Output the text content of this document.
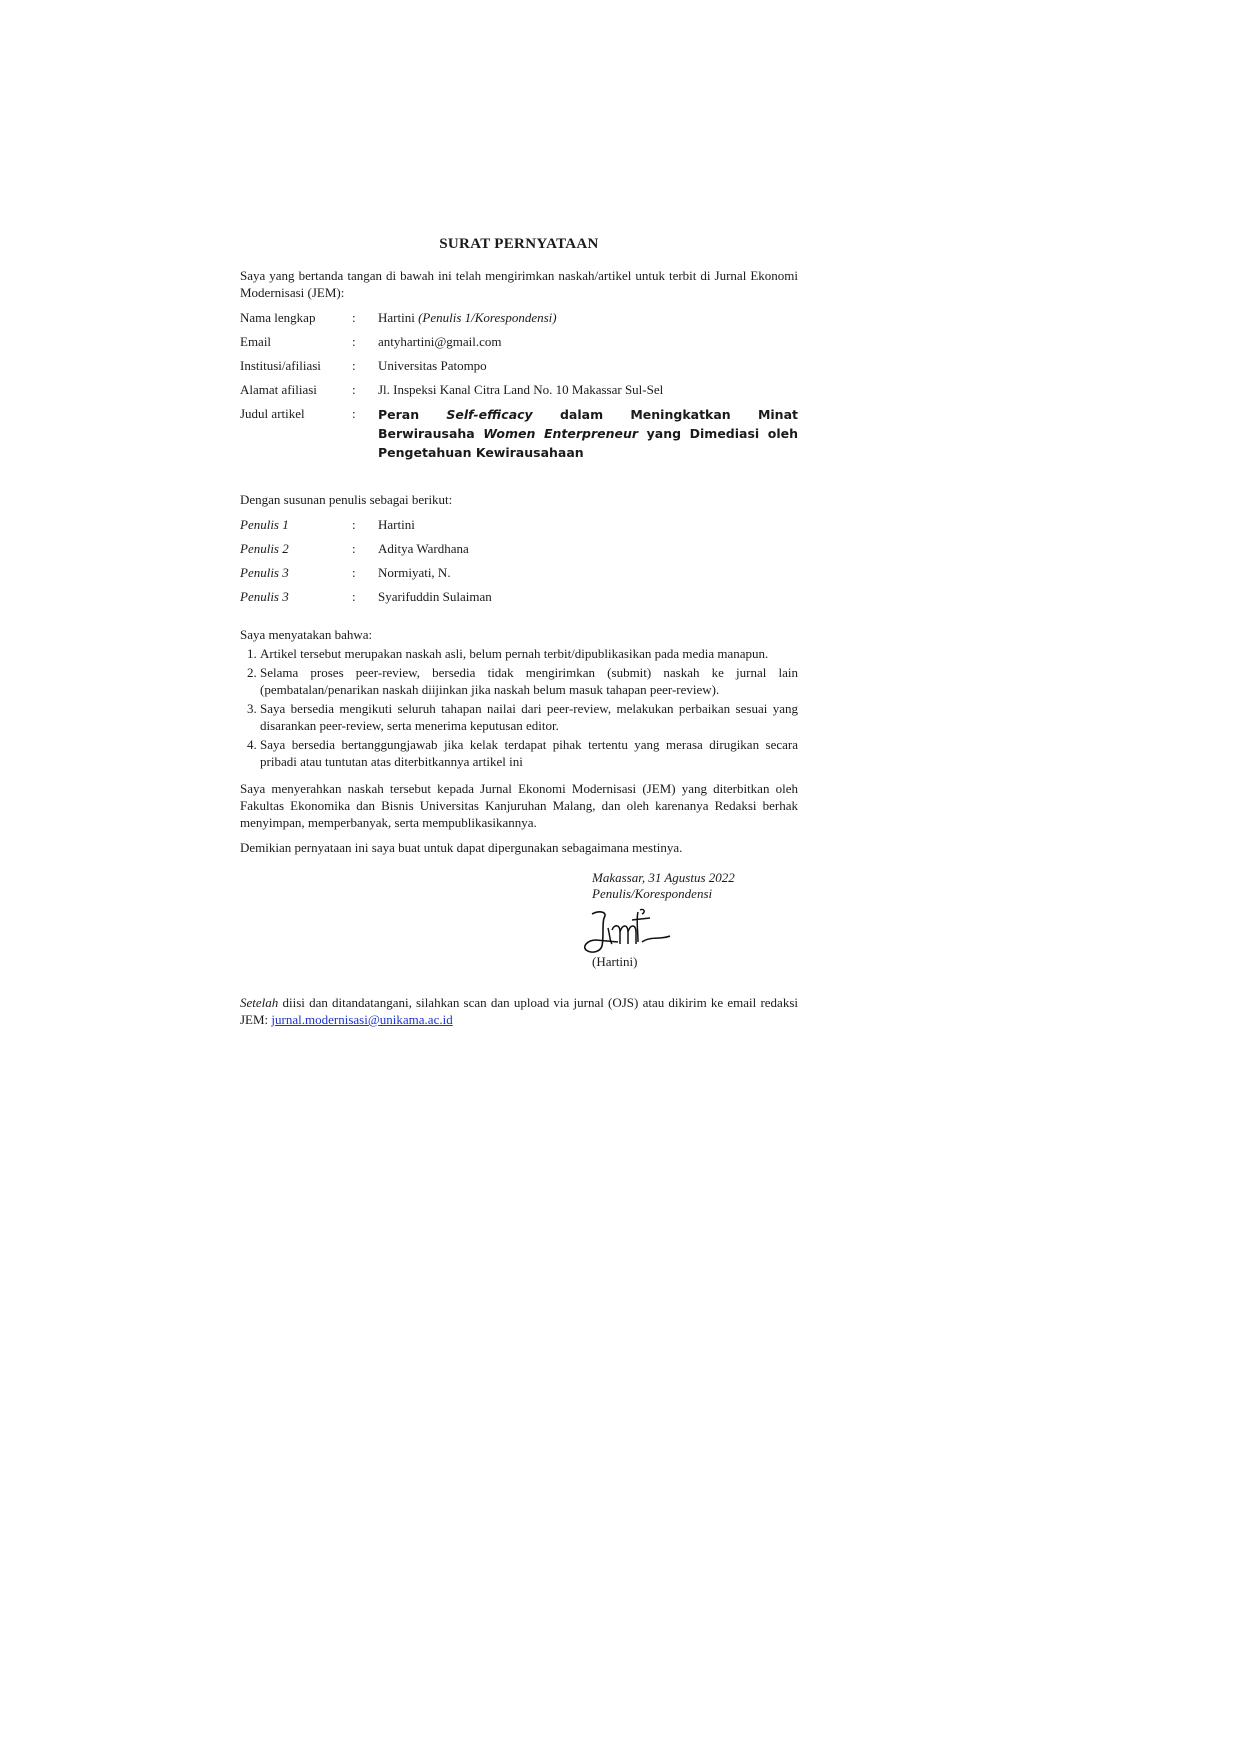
SURAT PERNYATAAN

Saya yang bertanda tangan di bawah ini telah mengirimkan naskah/artikel untuk terbit di Jurnal Ekonomi Modernisasi (JEM):

Nama lengkap	:	Hartini (Penulis 1/Korespondensi)
Email	:	antyhartini@gmail.com
Institusi/afiliasi	:	Universitas Patompo
Alamat afiliasi	:	Jl. Inspeksi Kanal Citra Land No. 10 Makassar Sul-Sel
Judul artikel	:	Peran Self-efficacy dalam Meningkatkan Minat Berwirausaha Women Enterpreneur yang Dimediasi oleh Pengetahuan Kewirausahaan

Dengan susunan penulis sebagai berikut:

Penulis 1	:	Hartini
Penulis 2	:	Aditya Wardhana
Penulis 3	:	Normiyati, N.
Penulis 3	:	Syarifuddin Sulaiman

Saya menyatakan bahwa:

1. Artikel tersebut merupakan naskah asli, belum pernah terbit/dipublikasikan pada media manapun.
2. Selama proses peer-review, bersedia tidak mengirimkan (submit) naskah ke jurnal lain (pembatalan/penarikan naskah diijinkan jika naskah belum masuk tahapan peer-review).
3. Saya bersedia mengikuti seluruh tahapan nailai dari peer-review, melakukan perbaikan sesuai yang disarankan peer-review, serta menerima keputusan editor.
4. Saya bersedia bertanggungjawab jika kelak terdapat pihak tertentu yang merasa dirugikan secara pribadi atau tuntutan atas diterbitkannya artikel ini

Saya menyerahkan naskah tersebut kepada Jurnal Ekonomi Modernisasi (JEM) yang diterbitkan oleh Fakultas Ekonomika dan Bisnis Universitas Kanjuruhan Malang, dan oleh karenanya Redaksi berhak menyimpan, memperbanyak, serta mempublikasikannya.

Demikian pernyataan ini saya buat untuk dapat dipergunakan sebagaimana mestinya.

Makassar, 31 Agustus 2022
Penulis/Korespondensi
(Hartini)

Setelah diisi dan ditandatangani, silahkan scan dan upload via jurnal (OJS) atau dikirim ke email redaksi JEM: jurnal.modernisasi@unikama.ac.id
